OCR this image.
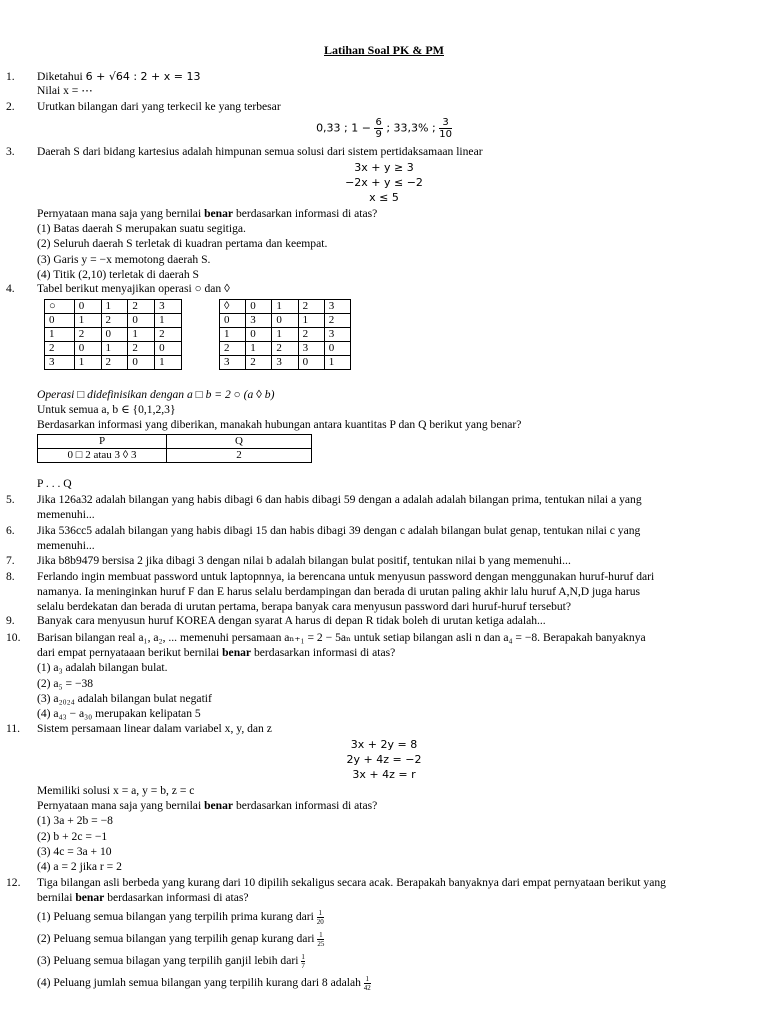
Latihan Soal PK & PM
1.	Diketahui 6 + √64 : 2 + x = 13
Nilai x = ⋯
2.	Urutkan bilangan dari yang terkecil ke yang terbesar
0,33 ; $1 - \frac{6}{9}$ ; 33,3% ; $\frac{3}{10}$
3.	Daerah S dari bidang kartesius adalah himpunan semua solusi dari sistem pertidaksamaan linear
3x + y ≥ 3
−2x + y ≤ −2
x ≤ 5
Pernyataan mana saja yang bernilai benar berdasarkan informasi di atas?
(1) Batas daerah S merupakan suatu segitiga.
(2) Seluruh daerah S terletak di kuadran pertama dan keempat.
(3) Garis y = −x memotong daerah S.
(4) Titik (2,10) terletak di daerah S
4.	Tabel berikut menyajikan operasi ○ dan ◊
○	0	1	2	3
0	1	2	0	1
1	2	0	1	2
2	0	1	2	0
3	1	2	0	1
◊	0	1	2	3
0	3	0	1	2
1	0	1	2	3
2	1	2	3	0
3	2	3	0	1
Operasi □ didefinisikan dengan a □ b = 2 ○ (a ◊ b)
Untuk semua a, b ∈ {0,1,2,3}
Berdasarkan informasi yang diberikan, manakah hubungan antara kuantitas P dan Q berikut yang benar?
P	Q
0 □ 2 atau 3 ◊ 3	2
P . . . Q
5.	Jika 126a32 adalah bilangan yang habis dibagi 6 dan habis dibagi 59 dengan a adalah adalah bilangan prima, tentukan nilai a yang
memenuhi...
6.	Jika 536cc5 adalah bilangan yang habis dibagi 15 dan habis dibagi 39 dengan c adalah bilangan bulat genap, tentukan nilai c yang
memenuhi...
7.	Jika b8b9479 bersisa 2 jika dibagi 3 dengan nilai b adalah bilangan bulat positif, tentukan nilai b yang memenuhi...
8.	Ferlando ingin membuat password untuk laptopnnya, ia berencana untuk menyusun password dengan menggunakan huruf-huruf dari
namanya. Ia meninginkan huruf F dan E harus selalu berdampingan dan berada di urutan paling akhir lalu huruf A,N,D juga harus
selalu berdekatan dan berada di urutan pertama, berapa banyak cara menyusun password dari huruf-huruf tersebut?
9.	Banyak cara menyusun huruf KOREA dengan syarat A harus di depan R tidak boleh di urutan ketiga adalah...
10.	Barisan bilangan real a₁, a₂, ... memenuhi persamaan aₙ₊₁ = 2 − 5aₙ untuk setiap bilangan asli n dan a₄ = −8. Berapakah banyaknya
dari empat pernyataaan berikut bernilai benar berdasarkan informasi di atas?
(1) a₃ adalah bilangan bulat.
(2) a₅ = −38
(3) a₂₀₂₄ adalah bilangan bulat negatif
(4) a₄₃ − a₃₀ merupakan kelipatan 5
11.	Sistem persamaan linear dalam variabel x, y, dan z
3x + 2y = 8
2y + 4z = −2
3x + 4z = r
Memiliki solusi x = a, y = b, z = c
Pernyataan mana saja yang bernilai benar berdasarkan informasi di atas?
(1) 3a + 2b = −8
(2) b + 2c = −1
(3) 4c = 3a + 10
(4) a = 2 jika r = 2
12.	Tiga bilangan asli berbeda yang kurang dari 10 dipilih sekaligus secara acak. Berapakah banyaknya dari empat pernyataan berikut yang
bernilai benar berdasarkan informasi di atas?
(1) Peluang semua bilangan yang terpilih prima kurang dari $\frac{1}{20}$
(2) Peluang semua bilangan yang terpilih genap kurang dari $\frac{1}{25}$
(3) Peluang semua bilagan yang terpilih ganjil lebih dari $\frac{1}{7}$
(4) Peluang jumlah semua bilangan yang terpilih kurang dari 8 adalah $\frac{1}{42}$
